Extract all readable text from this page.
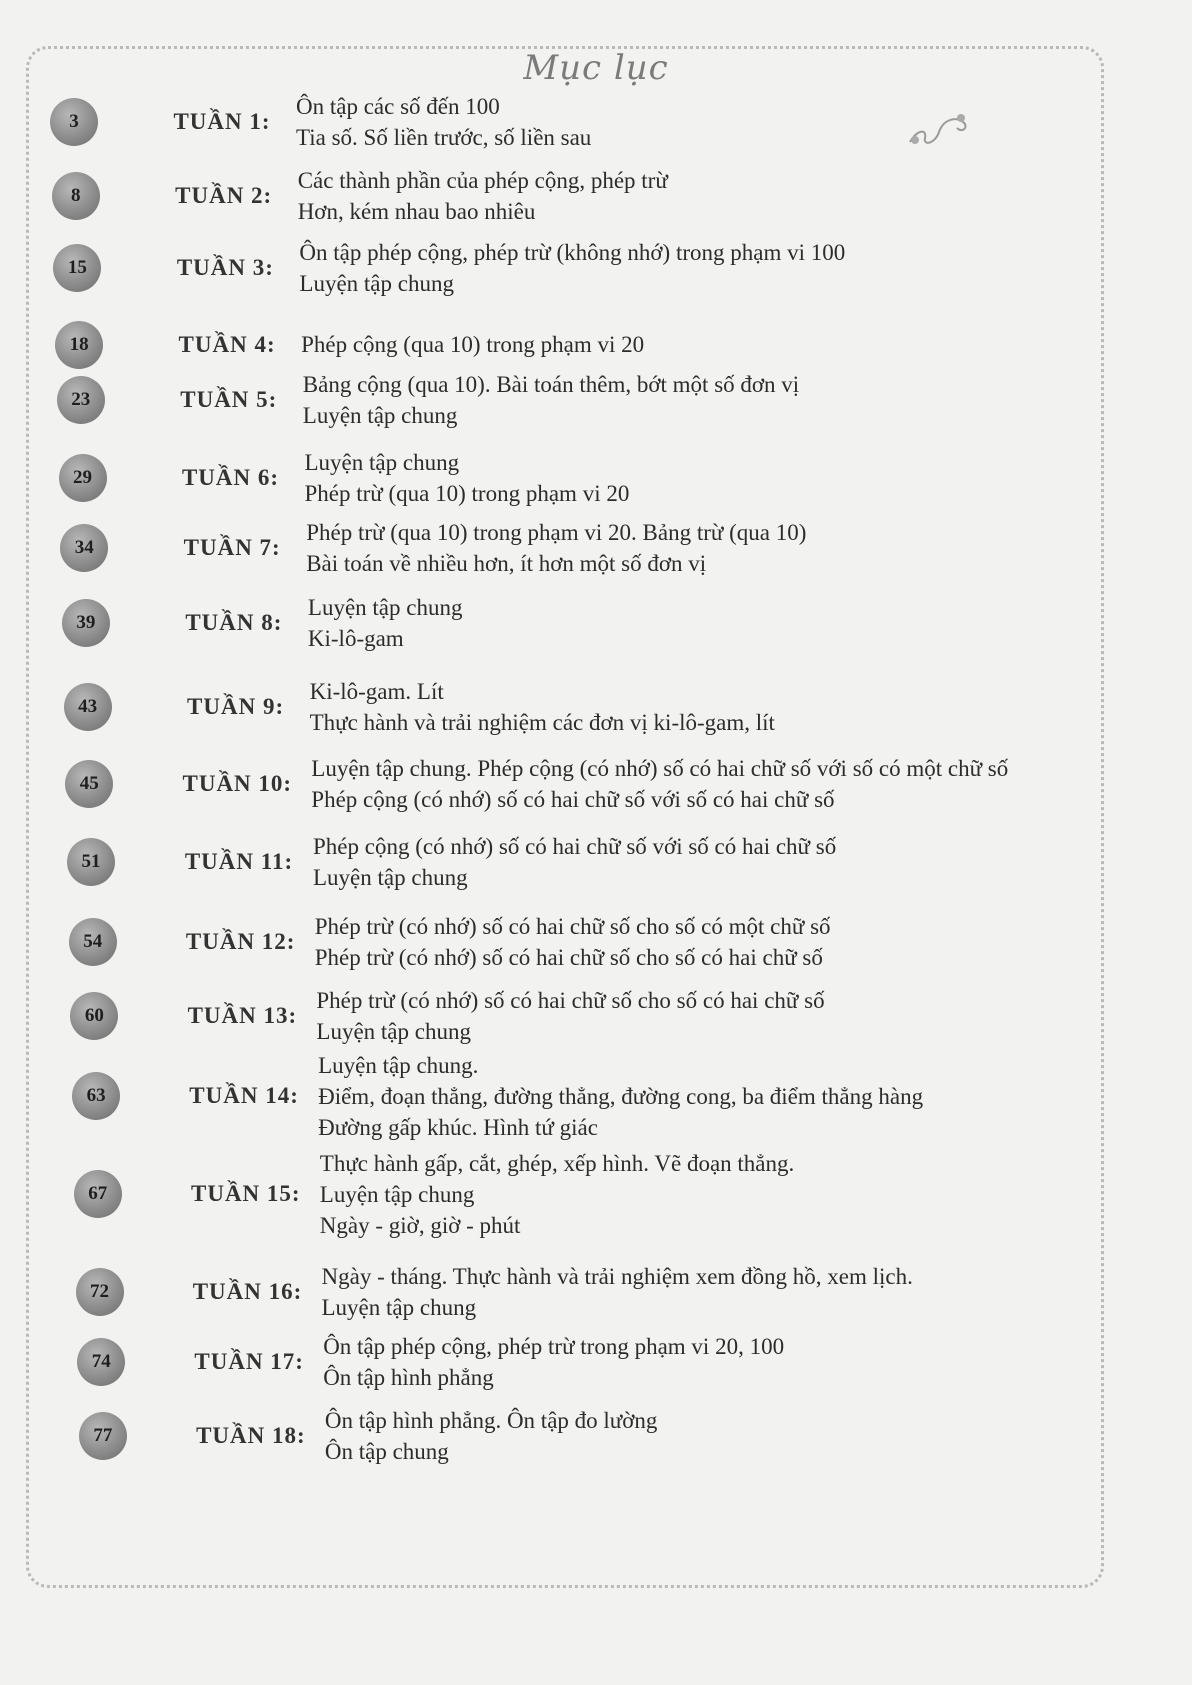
Mục lục
3	TUẦN 1:
Ôn tập các số đến 100
Tia số. Số liền trước, số liền sau
8	TUẦN 2:
Các thành phần của phép cộng, phép trừ
Hơn, kém nhau bao nhiêu
15	TUẦN 3:
Ôn tập phép cộng, phép trừ (không nhớ) trong phạm vi 100
Luyện tập chung
18	TUẦN 4:	Phép cộng (qua 10) trong phạm vi 20
23	TUẦN 5:
Bảng cộng (qua 10). Bài toán thêm, bớt một số đơn vị
Luyện tập chung
29	TUẦN 6:
Luyện tập chung
Phép trừ (qua 10) trong phạm vi 20
34	TUẦN 7:
Phép trừ (qua 10) trong phạm vi 20. Bảng trừ (qua 10)
Bài toán về nhiều hơn, ít hơn một số đơn vị
39	TUẦN 8:
Luyện tập chung
Ki-lô-gam
43	TUẦN 9:
Ki-lô-gam. Lít
Thực hành và trải nghiệm các đơn vị ki-lô-gam, lít
45	TUẦN 10:
Luyện tập chung. Phép cộng (có nhớ) số có hai chữ số với số có một chữ số
Phép cộng (có nhớ) số có hai chữ số với số có hai chữ số
51	TUẦN 11:
Phép cộng (có nhớ) số có hai chữ số với số có hai chữ số
Luyện tập chung
54	TUẦN 12:
Phép trừ (có nhớ) số có hai chữ số cho số có một chữ số
Phép trừ (có nhớ) số có hai chữ số cho số có hai chữ số
60	TUẦN 13:
Phép trừ (có nhớ) số có hai chữ số cho số có hai chữ số
Luyện tập chung
63	TUẦN 14:
Luyện tập chung.
Điểm, đoạn thẳng, đường thẳng, đường cong, ba điểm thẳng hàng
Đường gấp khúc. Hình tứ giác
67	TUẦN 15:
Thực hành gấp, cắt, ghép, xếp hình. Vẽ đoạn thẳng.
Luyện tập chung
Ngày - giờ, giờ - phút
72	TUẦN 16:
Ngày - tháng. Thực hành và trải nghiệm xem đồng hồ, xem lịch.
Luyện tập chung
74	TUẦN 17:
Ôn tập phép cộng, phép trừ trong phạm vi 20, 100
Ôn tập hình phẳng
77	TUẦN 18:
Ôn tập hình phẳng. Ôn tập đo lường
Ôn tập chung
